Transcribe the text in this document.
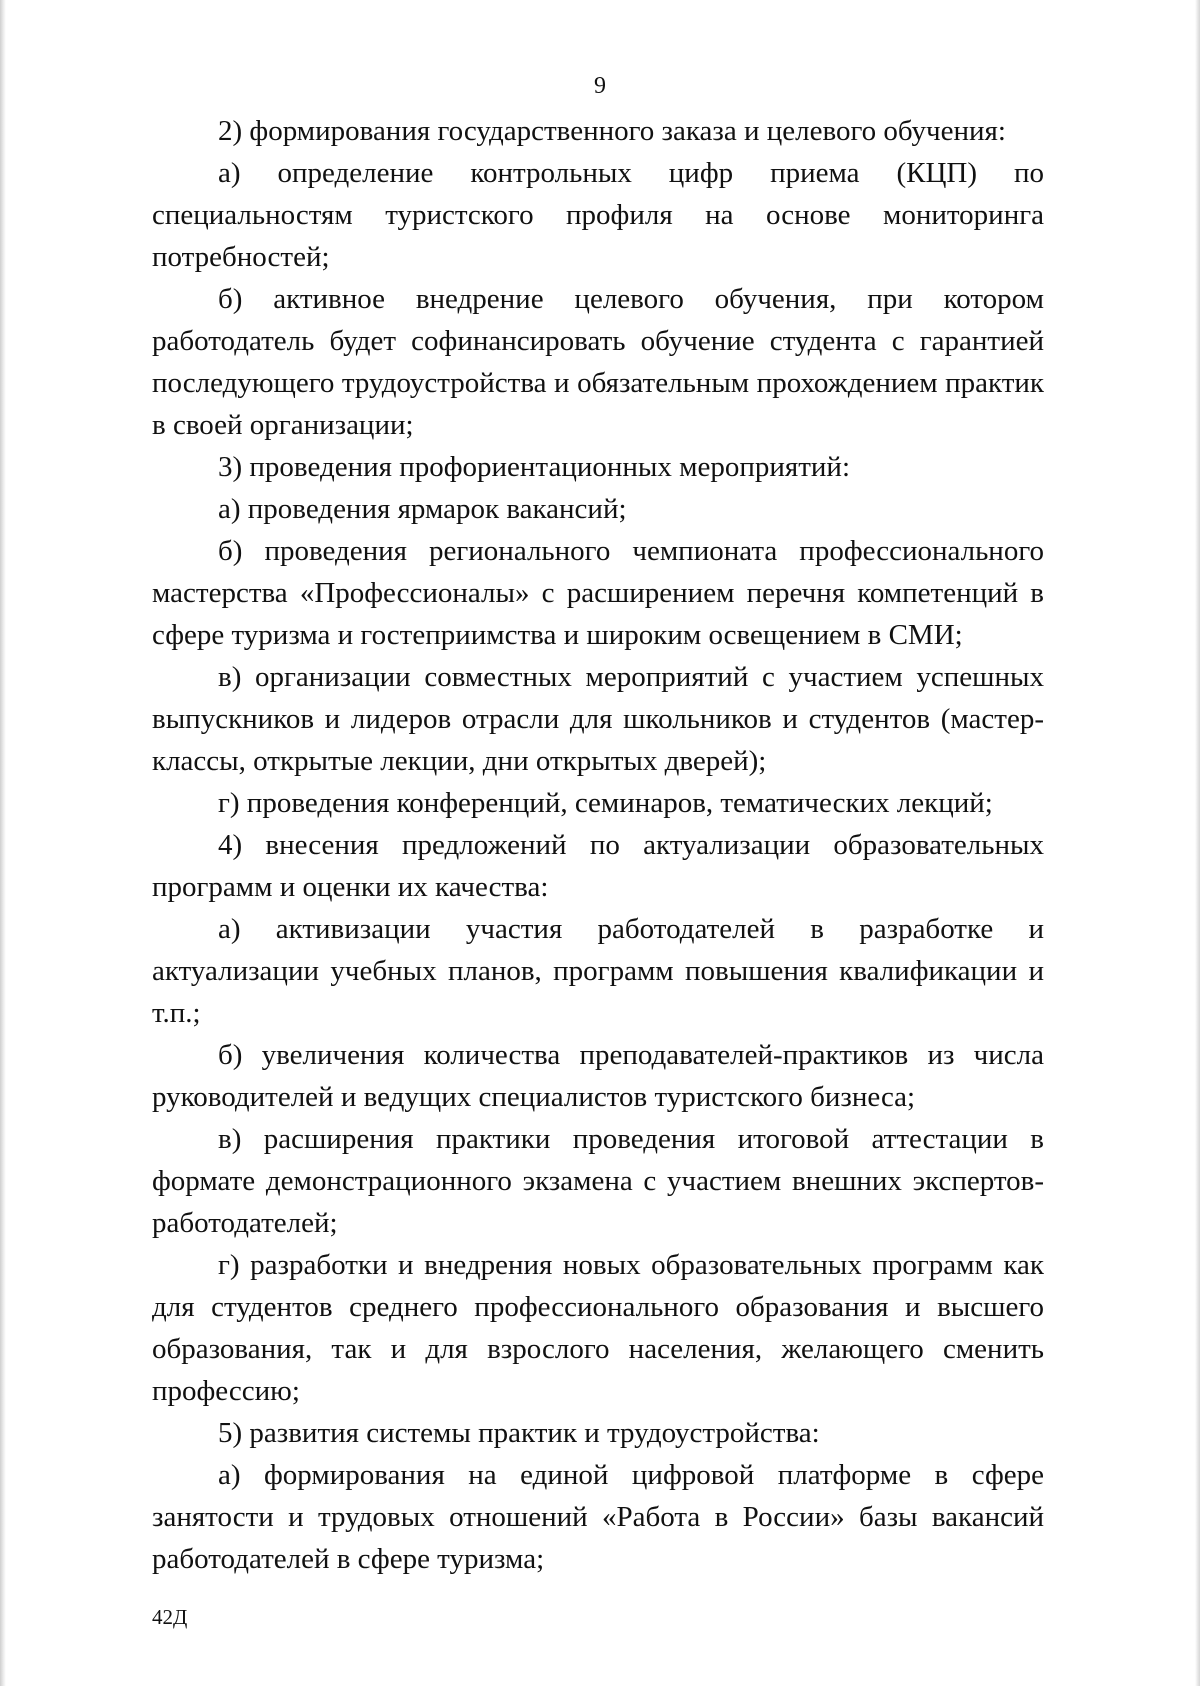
9

2) формирования государственного заказа и целевого обучения:

а) определение контрольных цифр приема (КЦП) по специальностям туристского профиля на основе мониторинга потребностей;

б) активное внедрение целевого обучения, при котором работодатель будет софинансировать обучение студента с гарантией последующего трудоустройства и обязательным прохождением практик в своей организации;

3) проведения профориентационных мероприятий:

а) проведения ярмарок вакансий;

б) проведения регионального чемпионата профессионального мастерства «Профессионалы» с расширением перечня компетенций в сфере туризма и гостеприимства и широким освещением в СМИ;

в) организации совместных мероприятий с участием успешных выпускников и лидеров отрасли для школьников и студентов (мастер-классы, открытые лекции, дни открытых дверей);

г) проведения конференций, семинаров, тематических лекций;

4) внесения предложений по актуализации образовательных программ и оценки их качества:

а) активизации участия работодателей в разработке и актуализации учебных планов, программ повышения квалификации и т.п.;

б) увеличения количества преподавателей-практиков из числа руководителей и ведущих специалистов туристского бизнеса;

в) расширения практики проведения итоговой аттестации в формате демонстрационного экзамена с участием внешних экспертов-работодателей;

г) разработки и внедрения новых образовательных программ как для студентов среднего профессионального образования и высшего образования, так и для взрослого населения, желающего сменить профессию;

5) развития системы практик и трудоустройства:

а) формирования на единой цифровой платформе в сфере занятости и трудовых отношений «Работа в России» базы вакансий работодателей в сфере туризма;

42Д
